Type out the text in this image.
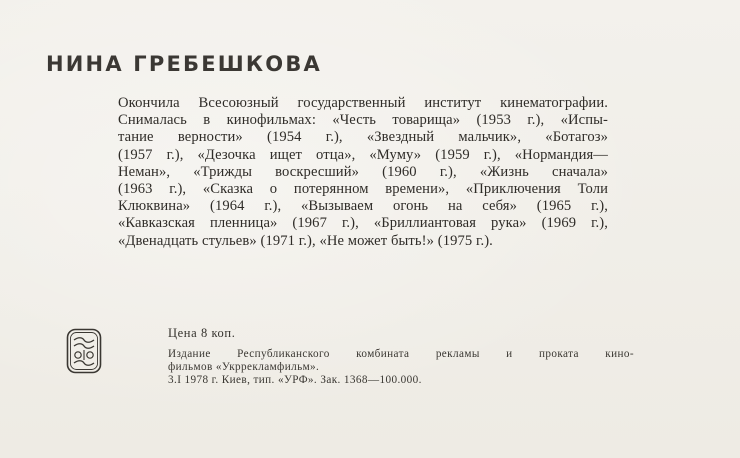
НИНА ГРЕБЕШКОВА
Окончила Всесоюзный государственный институт кинематографии.
Снималась в кинофильмах: «Честь товарища» (1953 г.), «Испы-
тание верности» (1954 г.), «Звездный мальчик», «Ботагоз»
(1957 г.), «Дезочка ищет отца», «Муму» (1959 г.), «Нормандия—
Неман», «Трижды воскресший» (1960 г.), «Жизнь сначала»
(1963 г.), «Сказка о потерянном времени», «Приключения Толи
Клюквина» (1964 г.), «Вызываем огонь на себя» (1965 г.),
«Кавказская пленница» (1967 г.), «Бриллиантовая рука» (1969 г.),
«Двенадцать стульев» (1971 г.), «Не может быть!» (1975 г.).
Цена 8 коп.
Издание Республиканского комбината рекламы и проката кино-
фильмов «Укррекламфильм».
3.I 1978 г. Киев, тип. «УРФ». Зак. 1368—100.000.
